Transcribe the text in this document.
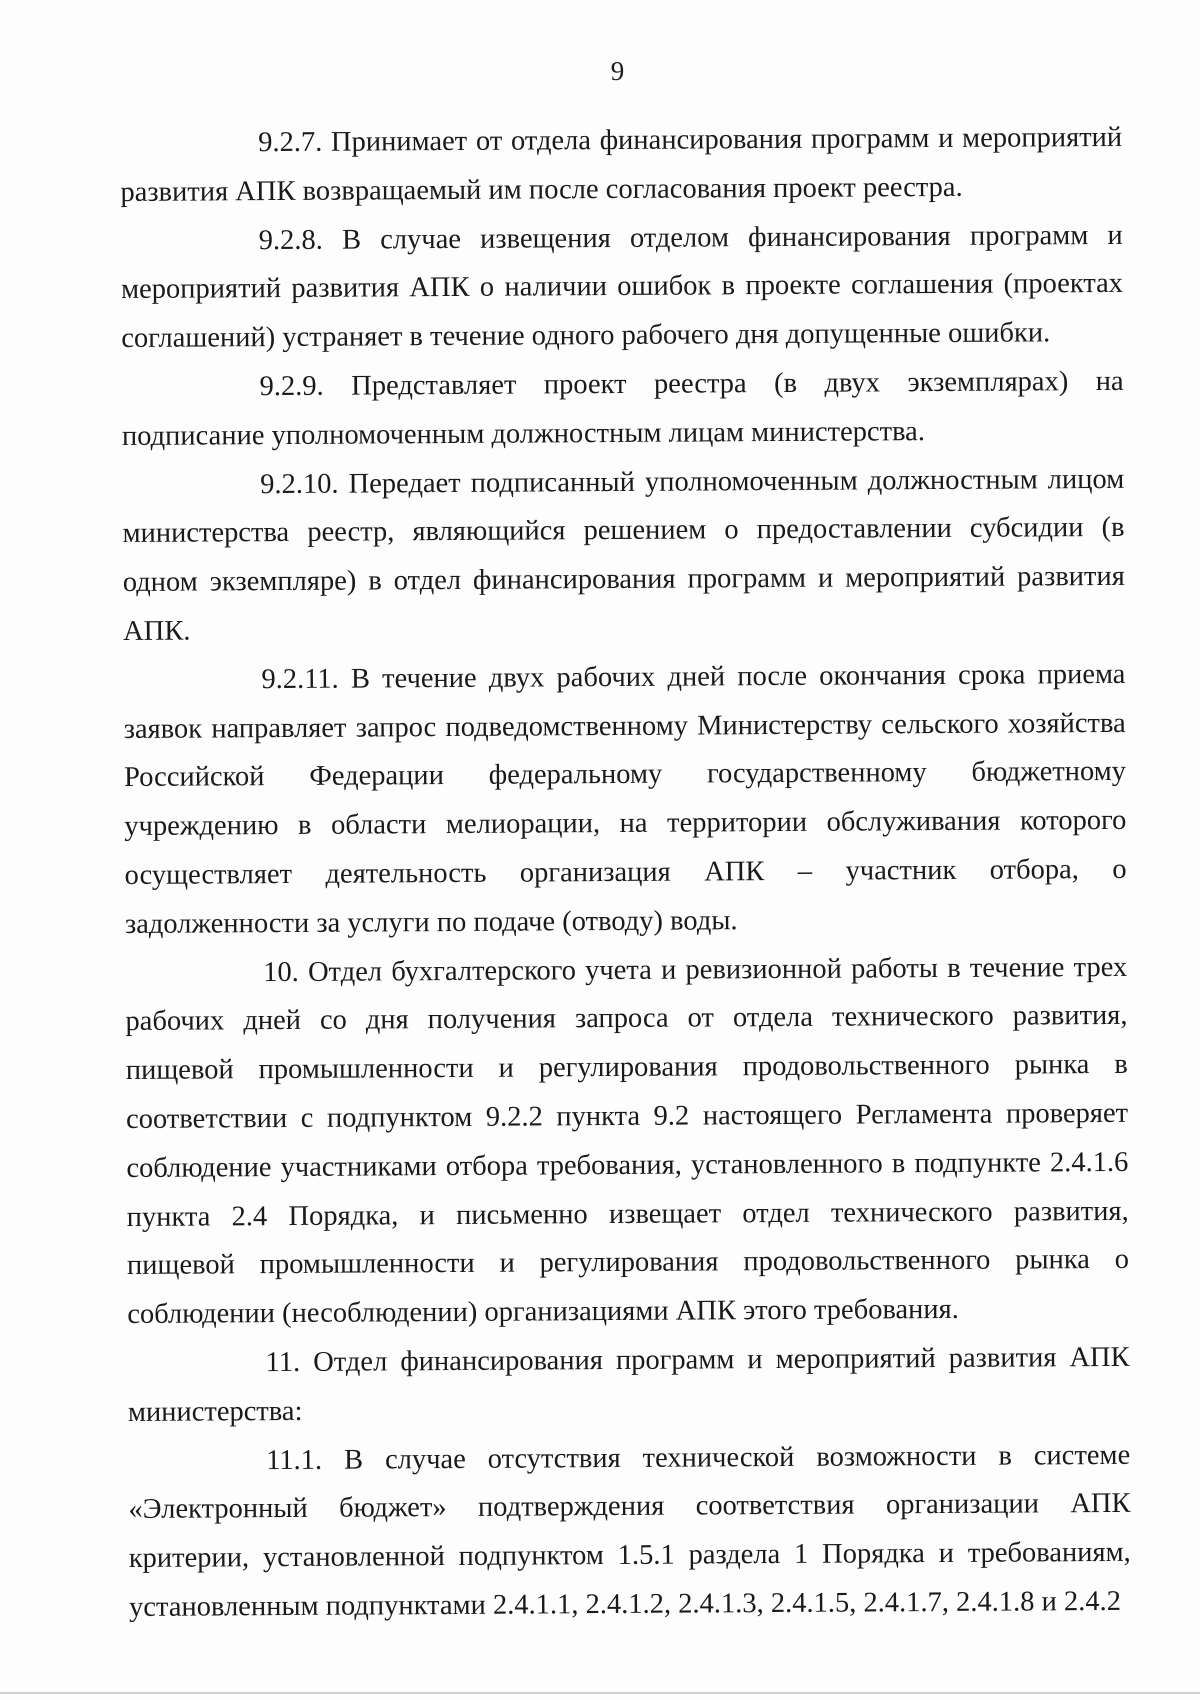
9

9.2.7. Принимает от отдела финансирования программ и мероприятий развития АПК возвращаемый им после согласования проект реестра.

9.2.8. В случае извещения отделом финансирования программ и мероприятий развития АПК о наличии ошибок в проекте соглашения (проектах соглашений) устраняет в течение одного рабочего дня допущенные ошибки.

9.2.9. Представляет проект реестра (в двух экземплярах) на подписание уполномоченным должностным лицам министерства.

9.2.10. Передает подписанный уполномоченным должностным лицом министерства реестр, являющийся решением о предоставлении субсидии (в одном экземпляре) в отдел финансирования программ и мероприятий развития АПК.

9.2.11. В течение двух рабочих дней после окончания срока приема заявок направляет запрос подведомственному Министерству сельского хозяйства Российской Федерации федеральному государственному бюджетному учреждению в области мелиорации, на территории обслуживания которого осуществляет деятельность организация АПК – участник отбора, о задолженности за услуги по подаче (отводу) воды.

10. Отдел бухгалтерского учета и ревизионной работы в течение трех рабочих дней со дня получения запроса от отдела технического развития, пищевой промышленности и регулирования продовольственного рынка в соответствии с подпунктом 9.2.2 пункта 9.2 настоящего Регламента проверяет соблюдение участниками отбора требования, установленного в подпункте 2.4.1.6 пункта 2.4 Порядка, и письменно извещает отдел технического развития, пищевой промышленности и регулирования продовольственного рынка о соблюдении (несоблюдении) организациями АПК этого требования.

11. Отдел финансирования программ и мероприятий развития АПК министерства:

11.1. В случае отсутствия технической возможности в системе «Электронный бюджет» подтверждения соответствия организации АПК критерии, установленной подпунктом 1.5.1 раздела 1 Порядка и требованиям, установленным подпунктами 2.4.1.1, 2.4.1.2, 2.4.1.3, 2.4.1.5, 2.4.1.7, 2.4.1.8 и 2.4.2
